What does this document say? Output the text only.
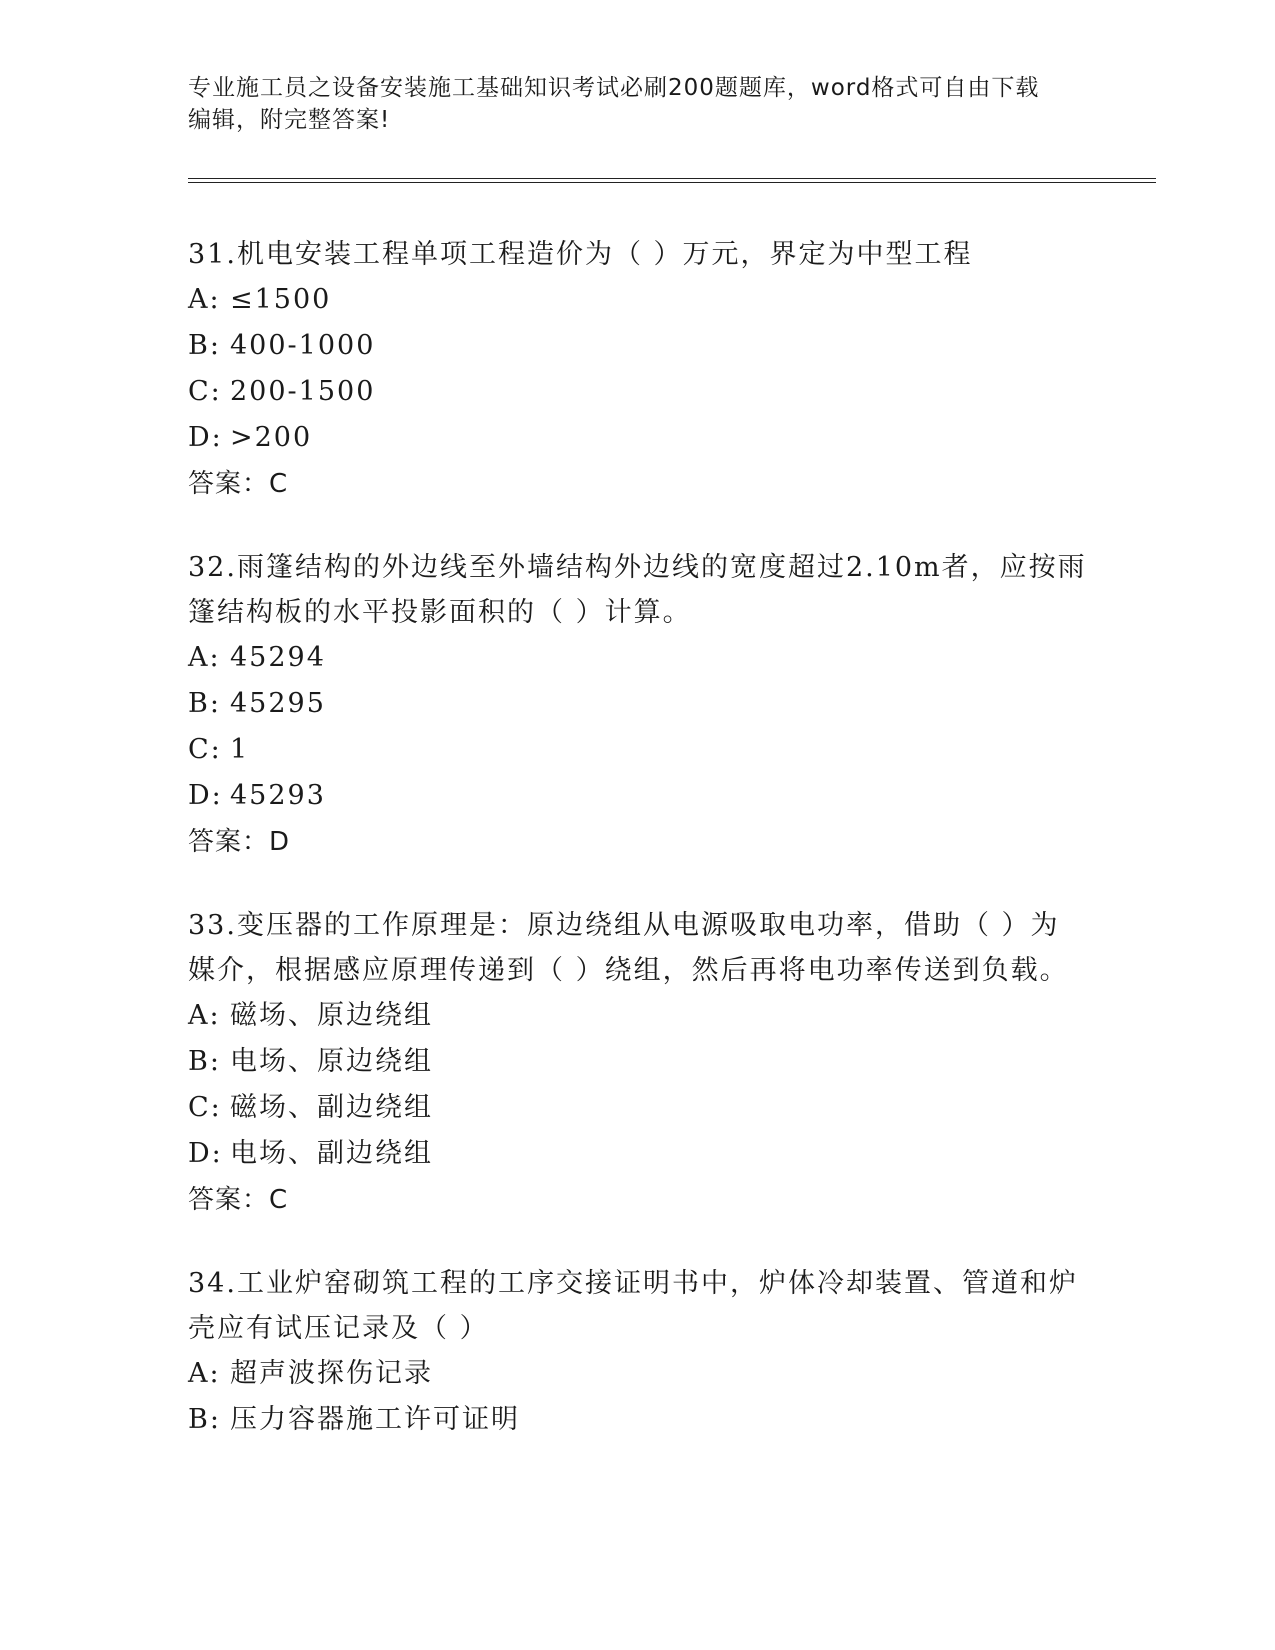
专业施工员之设备安装施工基础知识考试必刷200题题库，word格式可自由下载
编辑，附完整答案!
31.机电安装工程单项工程造价为（ ）万元，界定为中型工程
A: ≤1500
B: 400-1000
C: 200-1500
D: >200
答案：C
32.雨篷结构的外边线至外墙结构外边线的宽度超过2.10m者，应按雨
篷结构板的水平投影面积的（ ）计算。
A: 45294
B: 45295
C: 1
D: 45293
答案：D
33.变压器的工作原理是：原边绕组从电源吸取电功率，借助（ ）为
媒介，根据感应原理传递到（ ）绕组，然后再将电功率传送到负载。
A: 磁场、原边绕组
B: 电场、原边绕组
C: 磁场、副边绕组
D: 电场、副边绕组
答案：C
34.工业炉窑砌筑工程的工序交接证明书中，炉体冷却装置、管道和炉
壳应有试压记录及（ ）
A: 超声波探伤记录
B: 压力容器施工许可证明
